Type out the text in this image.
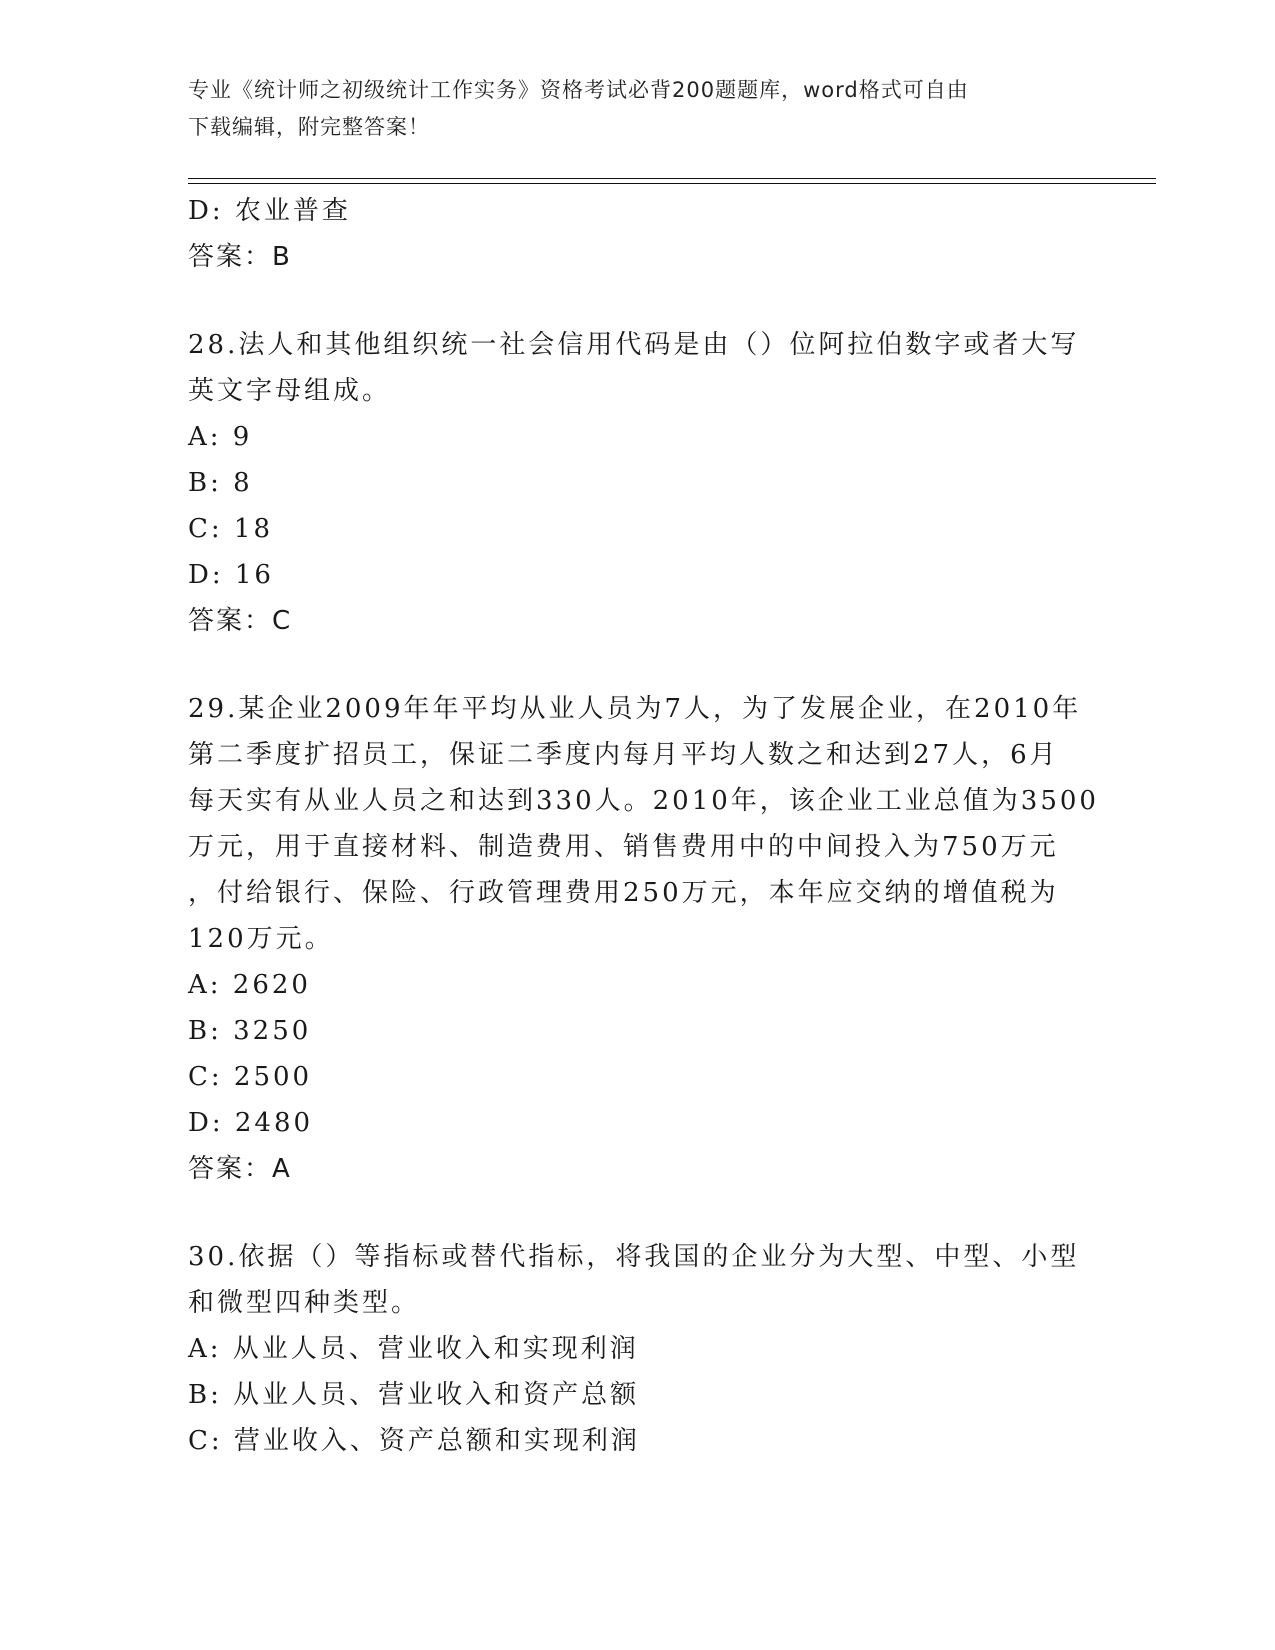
专业《统计师之初级统计工作实务》资格考试必背200题题库，word格式可自由
下载编辑，附完整答案！
D: 农业普查
答案：B
28.法人和其他组织统一社会信用代码是由（）位阿拉伯数字或者大写
英文字母组成。
A: 9
B: 8
C: 18
D: 16
答案：C
29.某企业2009年年平均从业人员为7人，为了发展企业，在2010年
第二季度扩招员工，保证二季度内每月平均人数之和达到27人，6月
每天实有从业人员之和达到330人。2010年，该企业工业总值为3500
万元，用于直接材料、制造费用、销售费用中的中间投入为750万元
，付给银行、保险、行政管理费用250万元，本年应交纳的增值税为
120万元。
A: 2620
B: 3250
C: 2500
D: 2480
答案：A
30.依据（）等指标或替代指标，将我国的企业分为大型、中型、小型
和微型四种类型。
A: 从业人员、营业收入和实现利润
B: 从业人员、营业收入和资产总额
C: 营业收入、资产总额和实现利润
